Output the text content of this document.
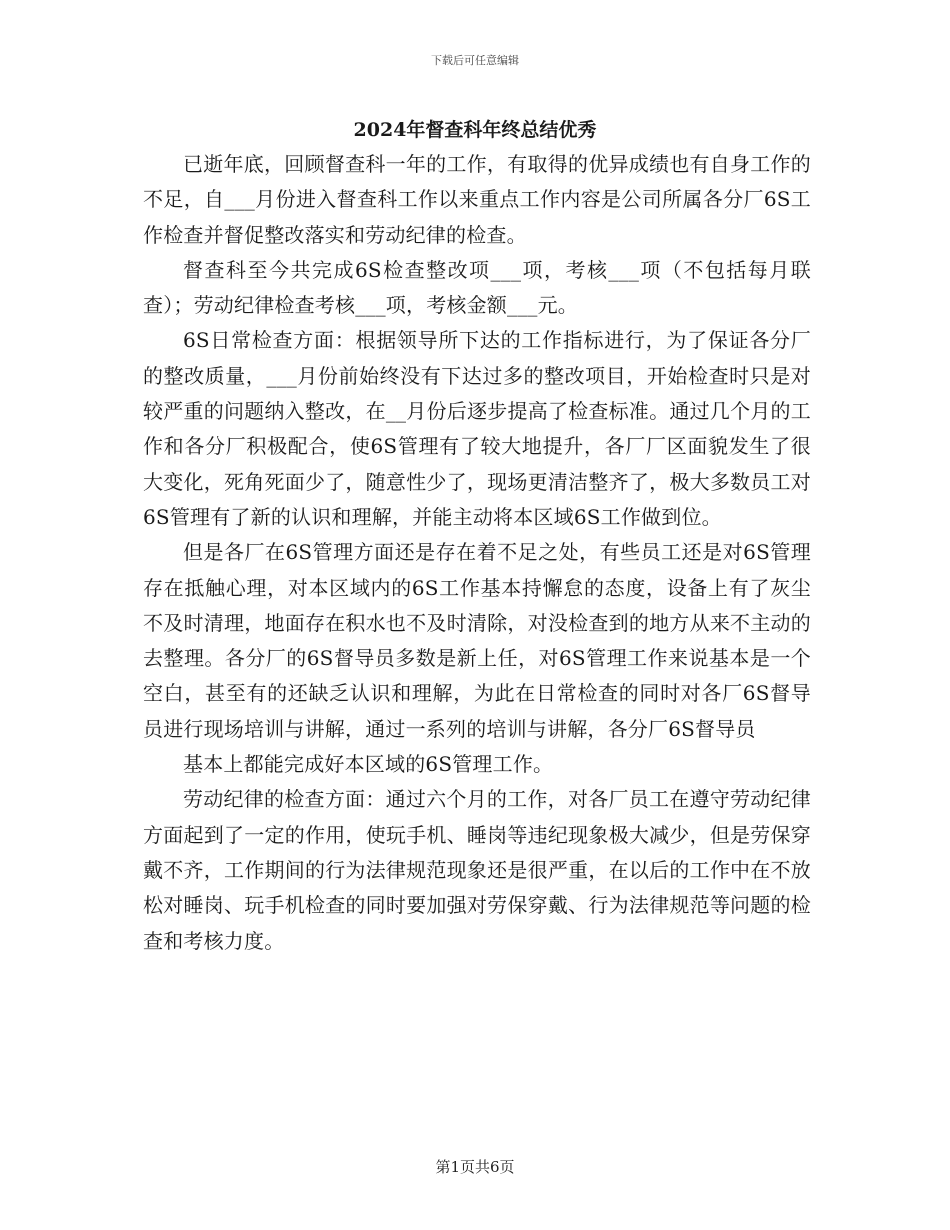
下载后可任意编辑
2024年督查科年终总结优秀

已逝年底，回顾督查科一年的工作，有取得的优异成绩也有自身工作的不足，自___月份进入督查科工作以来重点工作内容是公司所属各分厂6S工作检查并督促整改落实和劳动纪律的检查。

督查科至今共完成6S检查整改项___项，考核___项（不包括每月联查）；劳动纪律检查考核___项，考核金额___元。

6S日常检查方面：根据领导所下达的工作指标进行，为了保证各分厂的整改质量，___月份前始终没有下达过多的整改项目，开始检查时只是对较严重的问题纳入整改，在__月份后逐步提高了检查标准。通过几个月的工作和各分厂积极配合，使6S管理有了较大地提升，各厂厂区面貌发生了很大变化，死角死面少了，随意性少了，现场更清洁整齐了，极大多数员工对6S管理有了新的认识和理解，并能主动将本区域6S工作做到位。

但是各厂在6S管理方面还是存在着不足之处，有些员工还是对6S管理存在抵触心理，对本区域内的6S工作基本持懈怠的态度，设备上有了灰尘不及时清理，地面存在积水也不及时清除，对没检查到的地方从来不主动的去整理。各分厂的6S督导员多数是新上任，对6S管理工作来说基本是一个空白，甚至有的还缺乏认识和理解，为此在日常检查的同时对各厂6S督导员进行现场培训与讲解，通过一系列的培训与讲解，各分厂6S督导员

基本上都能完成好本区域的6S管理工作。

劳动纪律的检查方面：通过六个月的工作，对各厂员工在遵守劳动纪律方面起到了一定的作用，使玩手机、睡岗等违纪现象极大减少，但是劳保穿戴不齐，工作期间的行为法律规范现象还是很严重，在以后的工作中在不放松对睡岗、玩手机检查的同时要加强对劳保穿戴、行为法律规范等问题的检查和考核力度。

第1页共6页
